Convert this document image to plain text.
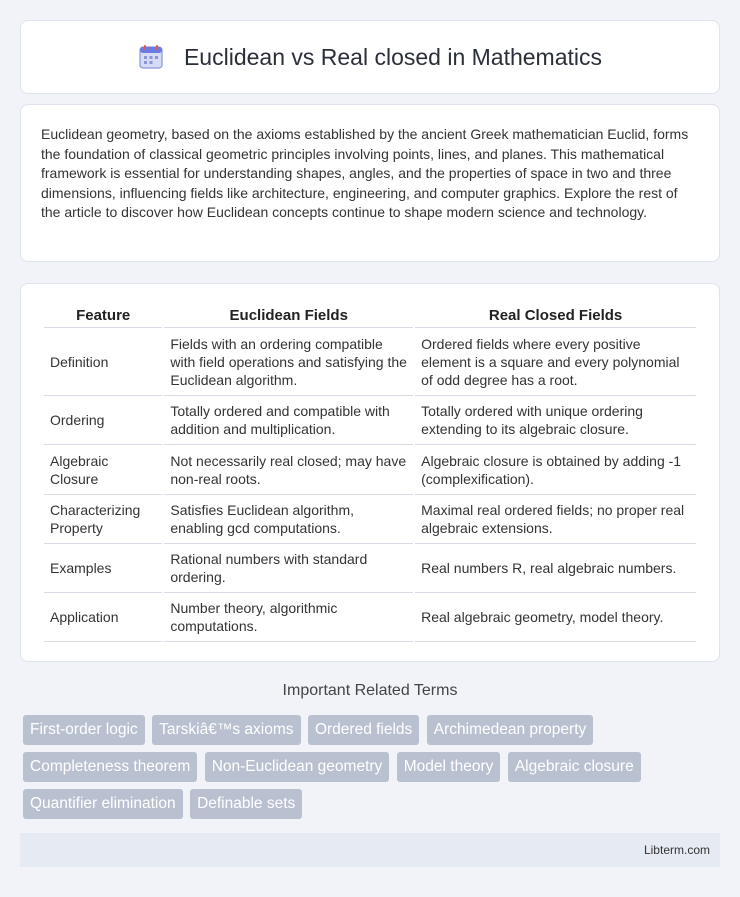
Euclidean vs Real closed in Mathematics

Euclidean geometry, based on the axioms established by the ancient Greek mathematician Euclid, forms the foundation of classical geometric principles involving points, lines, and planes. This mathematical framework is essential for understanding shapes, angles, and the properties of space in two and three dimensions, influencing fields like architecture, engineering, and computer graphics. Explore the rest of the article to discover how Euclidean concepts continue to shape modern science and technology.

Feature	Euclidean Fields	Real Closed Fields
Definition	Fields with an ordering compatible with field operations and satisfying the Euclidean algorithm.	Ordered fields where every positive element is a square and every polynomial of odd degree has a root.
Ordering	Totally ordered and compatible with addition and multiplication.	Totally ordered with unique ordering extending to its algebraic closure.
Algebraic Closure	Not necessarily real closed; may have non-real roots.	Algebraic closure is obtained by adding -1 (complexification).
Characterizing Property	Satisfies Euclidean algorithm, enabling gcd computations.	Maximal real ordered fields; no proper real algebraic extensions.
Examples	Rational numbers with standard ordering.	Real numbers R, real algebraic numbers.
Application	Number theory, algorithmic computations.	Real algebraic geometry, model theory.
Important Related Terms
First-order logic Tarskiâ€™s axioms Ordered fields Archimedean property Completeness theorem Non-Euclidean geometry Model theory Algebraic closure Quantifier elimination Definable sets
Libterm.com
